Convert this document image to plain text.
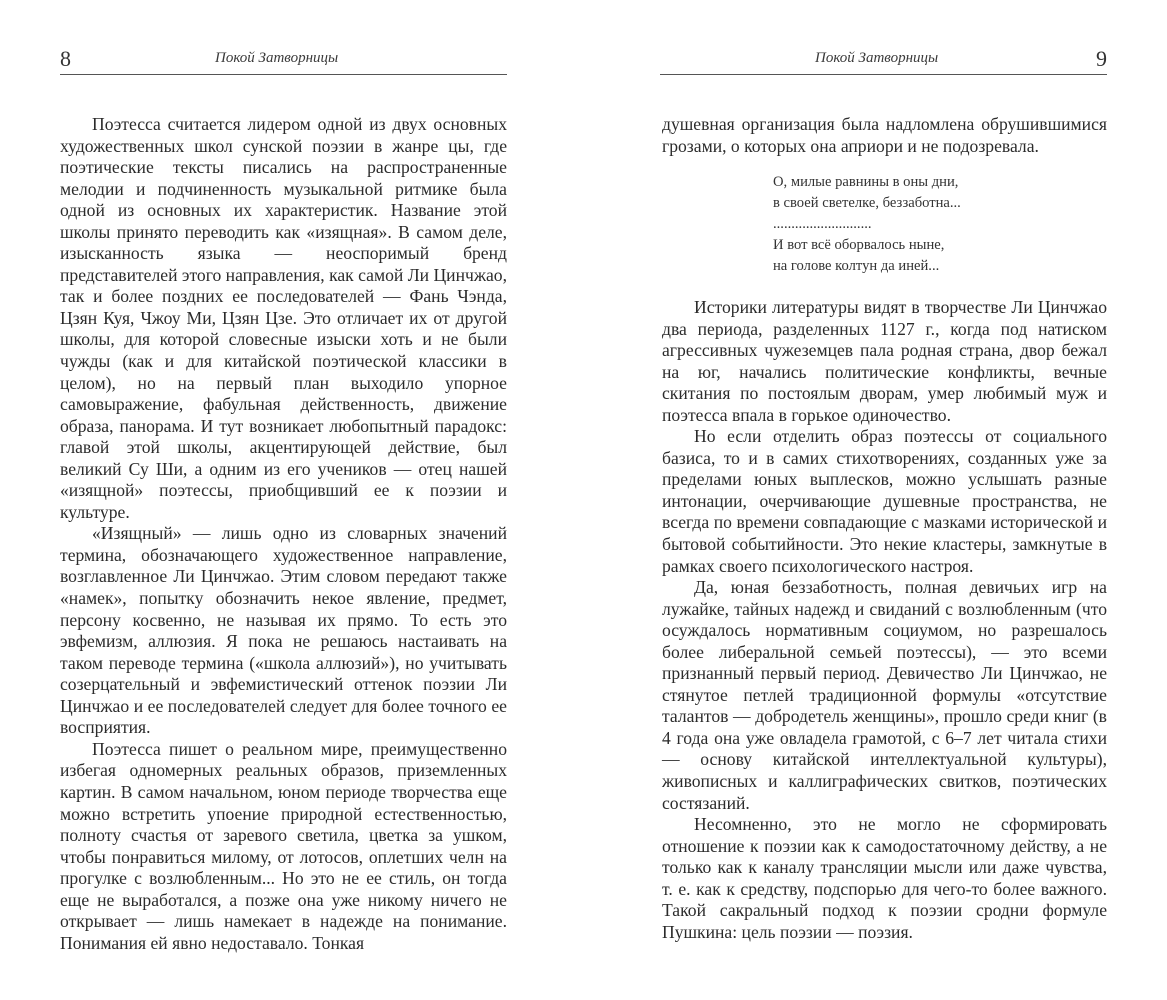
8	Покой Затворницы

Поэтесса считается лидером одной из двух основных художественных школ сунской поэзии в жанре цы, где поэтические тексты писались на распространенные мелодии и подчиненность музыкальной ритмике была одной из основных их характеристик. Название этой школы принято переводить как «изящная». В самом деле, изысканность языка — неоспоримый бренд представителей этого направления, как самой Ли Цинчжао, так и более поздних ее последователей — Фань Чэнда, Цзян Куя, Чжоу Ми, Цзян Цзе. Это отличает их от другой школы, для которой словесные изыски хоть и не были чужды (как и для китайской поэтической классики в целом), но на первый план выходило упорное самовыражение, фабульная действенность, движение образа, панорама. И тут возникает любопытный парадокс: главой этой школы, акцентирующей действие, был великий Су Ши, а одним из его учеников — отец нашей «изящной» поэтессы, приобщивший ее к поэзии и культуре.

«Изящный» — лишь одно из словарных значений термина, обозначающего художественное направление, возглавленное Ли Цинчжао. Этим словом передают также «намек», попытку обозначить некое явление, предмет, персону косвенно, не называя их прямо. То есть это эвфемизм, аллюзия. Я пока не решаюсь настаивать на таком переводе термина («школа аллюзий»), но учитывать созерцательный и эвфемистический оттенок поэзии Ли Цинчжао и ее последователей следует для более точного ее восприятия.

Поэтесса пишет о реальном мире, преимущественно избегая одномерных реальных образов, приземленных картин. В самом начальном, юном периоде творчества еще можно встретить упоение природной естественностью, полноту счастья от заревого светила, цветка за ушком, чтобы понравиться милому, от лотосов, оплетших челн на прогулке с возлюбленным... Но это не ее стиль, он тогда еще не выработался, а позже она уже никому ничего не открывает — лишь намекает в надежде на понимание. Понимания ей явно недоставало. Тонкая

Покой Затворницы	9

душевная организация была надломлена обрушившимися грозами, о которых она априори и не подозревала.

О, милые равнины в оны дни,
в своей светелке, беззаботна...
...........................
И вот всё оборвалось ныне,
на голове колтун да иней...

Историки литературы видят в творчестве Ли Цинчжао два периода, разделенных 1127 г., когда под натиском агрессивных чужеземцев пала родная страна, двор бежал на юг, начались политические конфликты, вечные скитания по постоялым дворам, умер любимый муж и поэтесса впала в горькое одиночество.

Но если отделить образ поэтессы от социального базиса, то и в самих стихотворениях, созданных уже за пределами юных выплесков, можно услышать разные интонации, очерчивающие душевные пространства, не всегда по времени совпадающие с мазками исторической и бытовой событийности. Это некие кластеры, замкнутые в рамках своего психологического настроя.

Да, юная беззаботность, полная девичьих игр на лужайке, тайных надежд и свиданий с возлюбленным (что осуждалось нормативным социумом, но разрешалось более либеральной семьей поэтессы), — это всеми признанный первый период. Девичество Ли Цинчжао, не стянутое петлей традиционной формулы «отсутствие талантов — добродетель женщины», прошло среди книг (в 4 года она уже овладела грамотой, с 6–7 лет читала стихи — основу китайской интеллектуальной культуры), живописных и каллиграфических свитков, поэтических состязаний.

Несомненно, это не могло не сформировать отношение к поэзии как к самодостаточному действу, а не только как к каналу трансляции мысли или даже чувства, т. е. как к средству, подспорью для чего-то более важного. Такой сакральный подход к поэзии сродни формуле Пушкина: цель поэзии — поэзия.
